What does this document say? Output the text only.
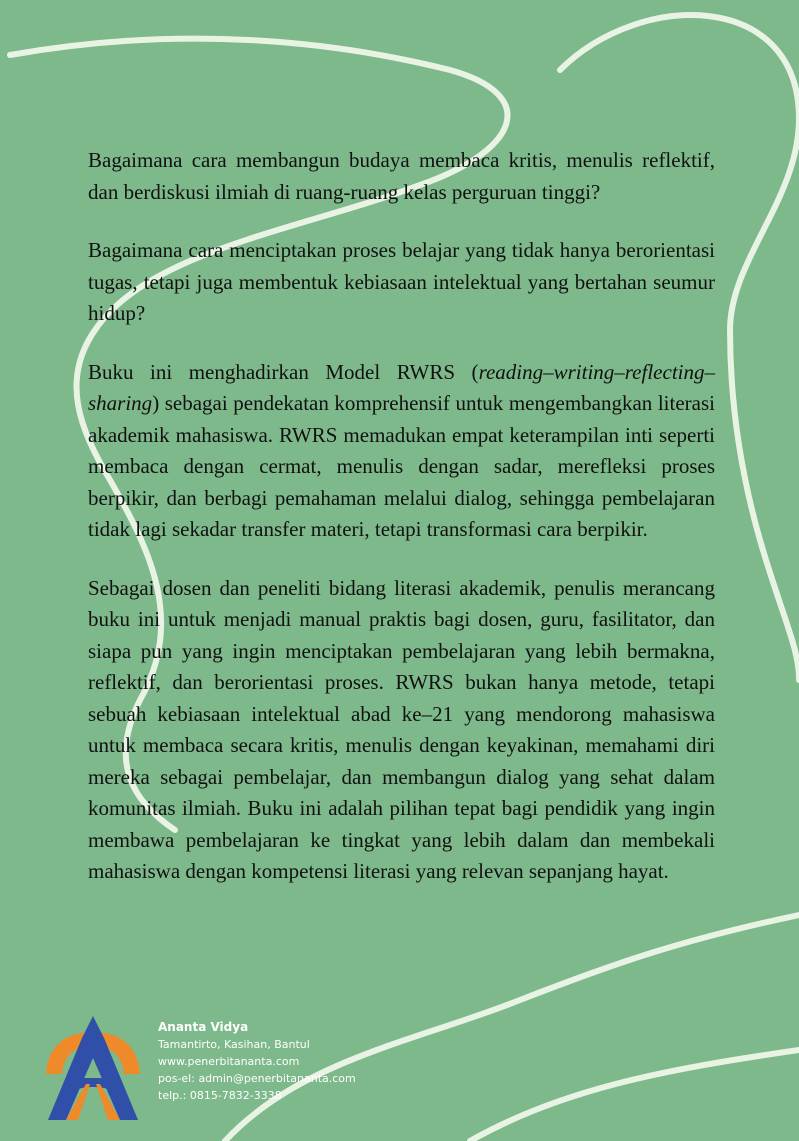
Bagaimana cara membangun budaya membaca kritis, menulis reflektif, dan berdiskusi ilmiah di ruang-ruang kelas perguruan tinggi?

Bagaimana cara menciptakan proses belajar yang tidak hanya berorientasi tugas, tetapi juga membentuk kebiasaan intelektual yang bertahan seumur hidup?

Buku ini menghadirkan Model RWRS (reading–writing–reflecting–sharing) sebagai pendekatan komprehensif untuk mengembangkan literasi akademik mahasiswa. RWRS memadukan empat keterampilan inti seperti membaca dengan cermat, menulis dengan sadar, merefleksi proses berpikir, dan berbagi pemahaman melalui dialog, sehingga pembelajaran tidak lagi sekadar transfer materi, tetapi transformasi cara berpikir.

Sebagai dosen dan peneliti bidang literasi akademik, penulis merancang buku ini untuk menjadi manual praktis bagi dosen, guru, fasilitator, dan siapa pun yang ingin menciptakan pembelajaran yang lebih bermakna, reflektif, dan berorientasi proses. RWRS bukan hanya metode, tetapi sebuah kebiasaan intelektual abad ke–21 yang mendorong mahasiswa untuk membaca secara kritis, menulis dengan keyakinan, memahami diri mereka sebagai pembelajar, dan membangun dialog yang sehat dalam komunitas ilmiah. Buku ini adalah pilihan tepat bagi pendidik yang ingin membawa pembelajaran ke tingkat yang lebih dalam dan membekali mahasiswa dengan kompetensi literasi yang relevan sepanjang hayat.

Ananta Vidya
Tamantirto, Kasihan, Bantul
www.penerbitananta.com
pos-el: admin@penerbitananta.com
telp.: 0815-7832-3338
